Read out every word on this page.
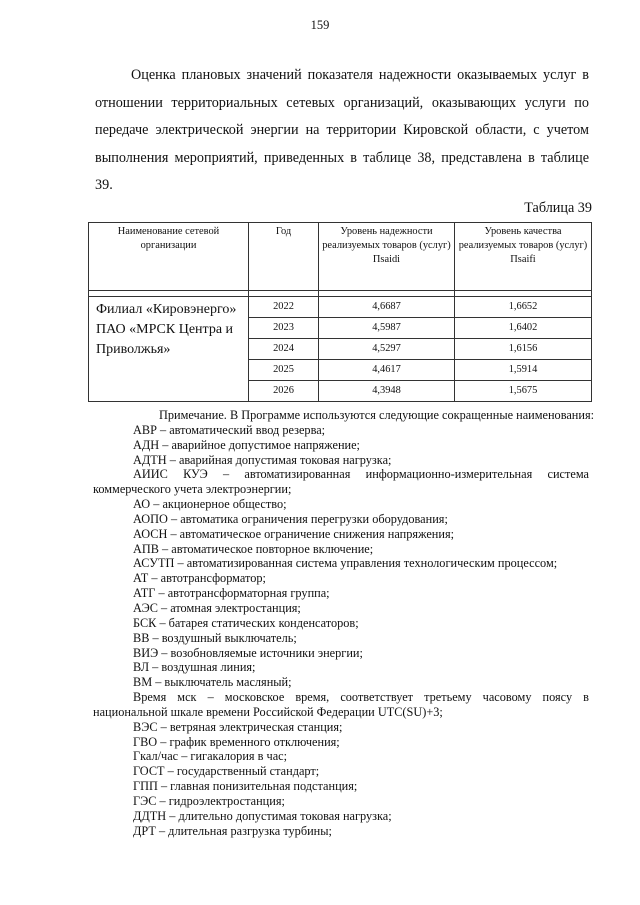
159

Оценка плановых значений показателя надежности оказываемых услуг в отношении территориальных сетевых организаций, оказывающих услуги по передаче электрической энергии на территории Кировской области, с учетом выполнения мероприятий, приведенных в таблице 38, представлена в таблице 39.

Таблица 39
Наименование сетевой организации	Год	Уровень надежности реализуемых товаров (услуг) Пsaidi	Уровень качества реализуемых товаров (услуг) Пsaifi

Филиал «Кировэнерго» ПАО «МРСК Центра и Приволжья»	2022	4,6687	1,6652
	2023	4,5987	1,6402
	2024	4,5297	1,6156
	2025	4,4617	1,5914
	2026	4,3948	1,5675

Примечание. В Программе используются следующие сокращенные наименования:

АВР – автоматический ввод резерва;

АДН – аварийное допустимое напряжение;

АДТН – аварийная допустимая токовая нагрузка;

АИИС КУЭ – автоматизированная информационно-измерительная система коммерческого учета электроэнергии;

АО – акционерное общество;

АОПО – автоматика ограничения перегрузки оборудования;

АОСН – автоматическое ограничение снижения напряжения;

АПВ – автоматическое повторное включение;

АСУТП – автоматизированная система управления технологическим процессом;

АТ – автотрансформатор;

АТГ – автотрансформаторная группа;

АЭС – атомная электростанция;

БСК – батарея статических конденсаторов;

ВВ – воздушный выключатель;

ВИЭ – возобновляемые источники энергии;

ВЛ – воздушная линия;

ВМ – выключатель масляный;

Время мск – московское время, соответствует третьему часовому поясу в национальной шкале времени Российской Федерации UTC(SU)+3;

ВЭС – ветряная электрическая станция;

ГВО – график временного отключения;

Гкал/час – гигакалория в час;

ГОСТ – государственный стандарт;

ГПП – главная понизительная подстанция;

ГЭС – гидроэлектростанция;

ДДТН – длительно допустимая токовая нагрузка;

ДРТ – длительная разгрузка турбины;
